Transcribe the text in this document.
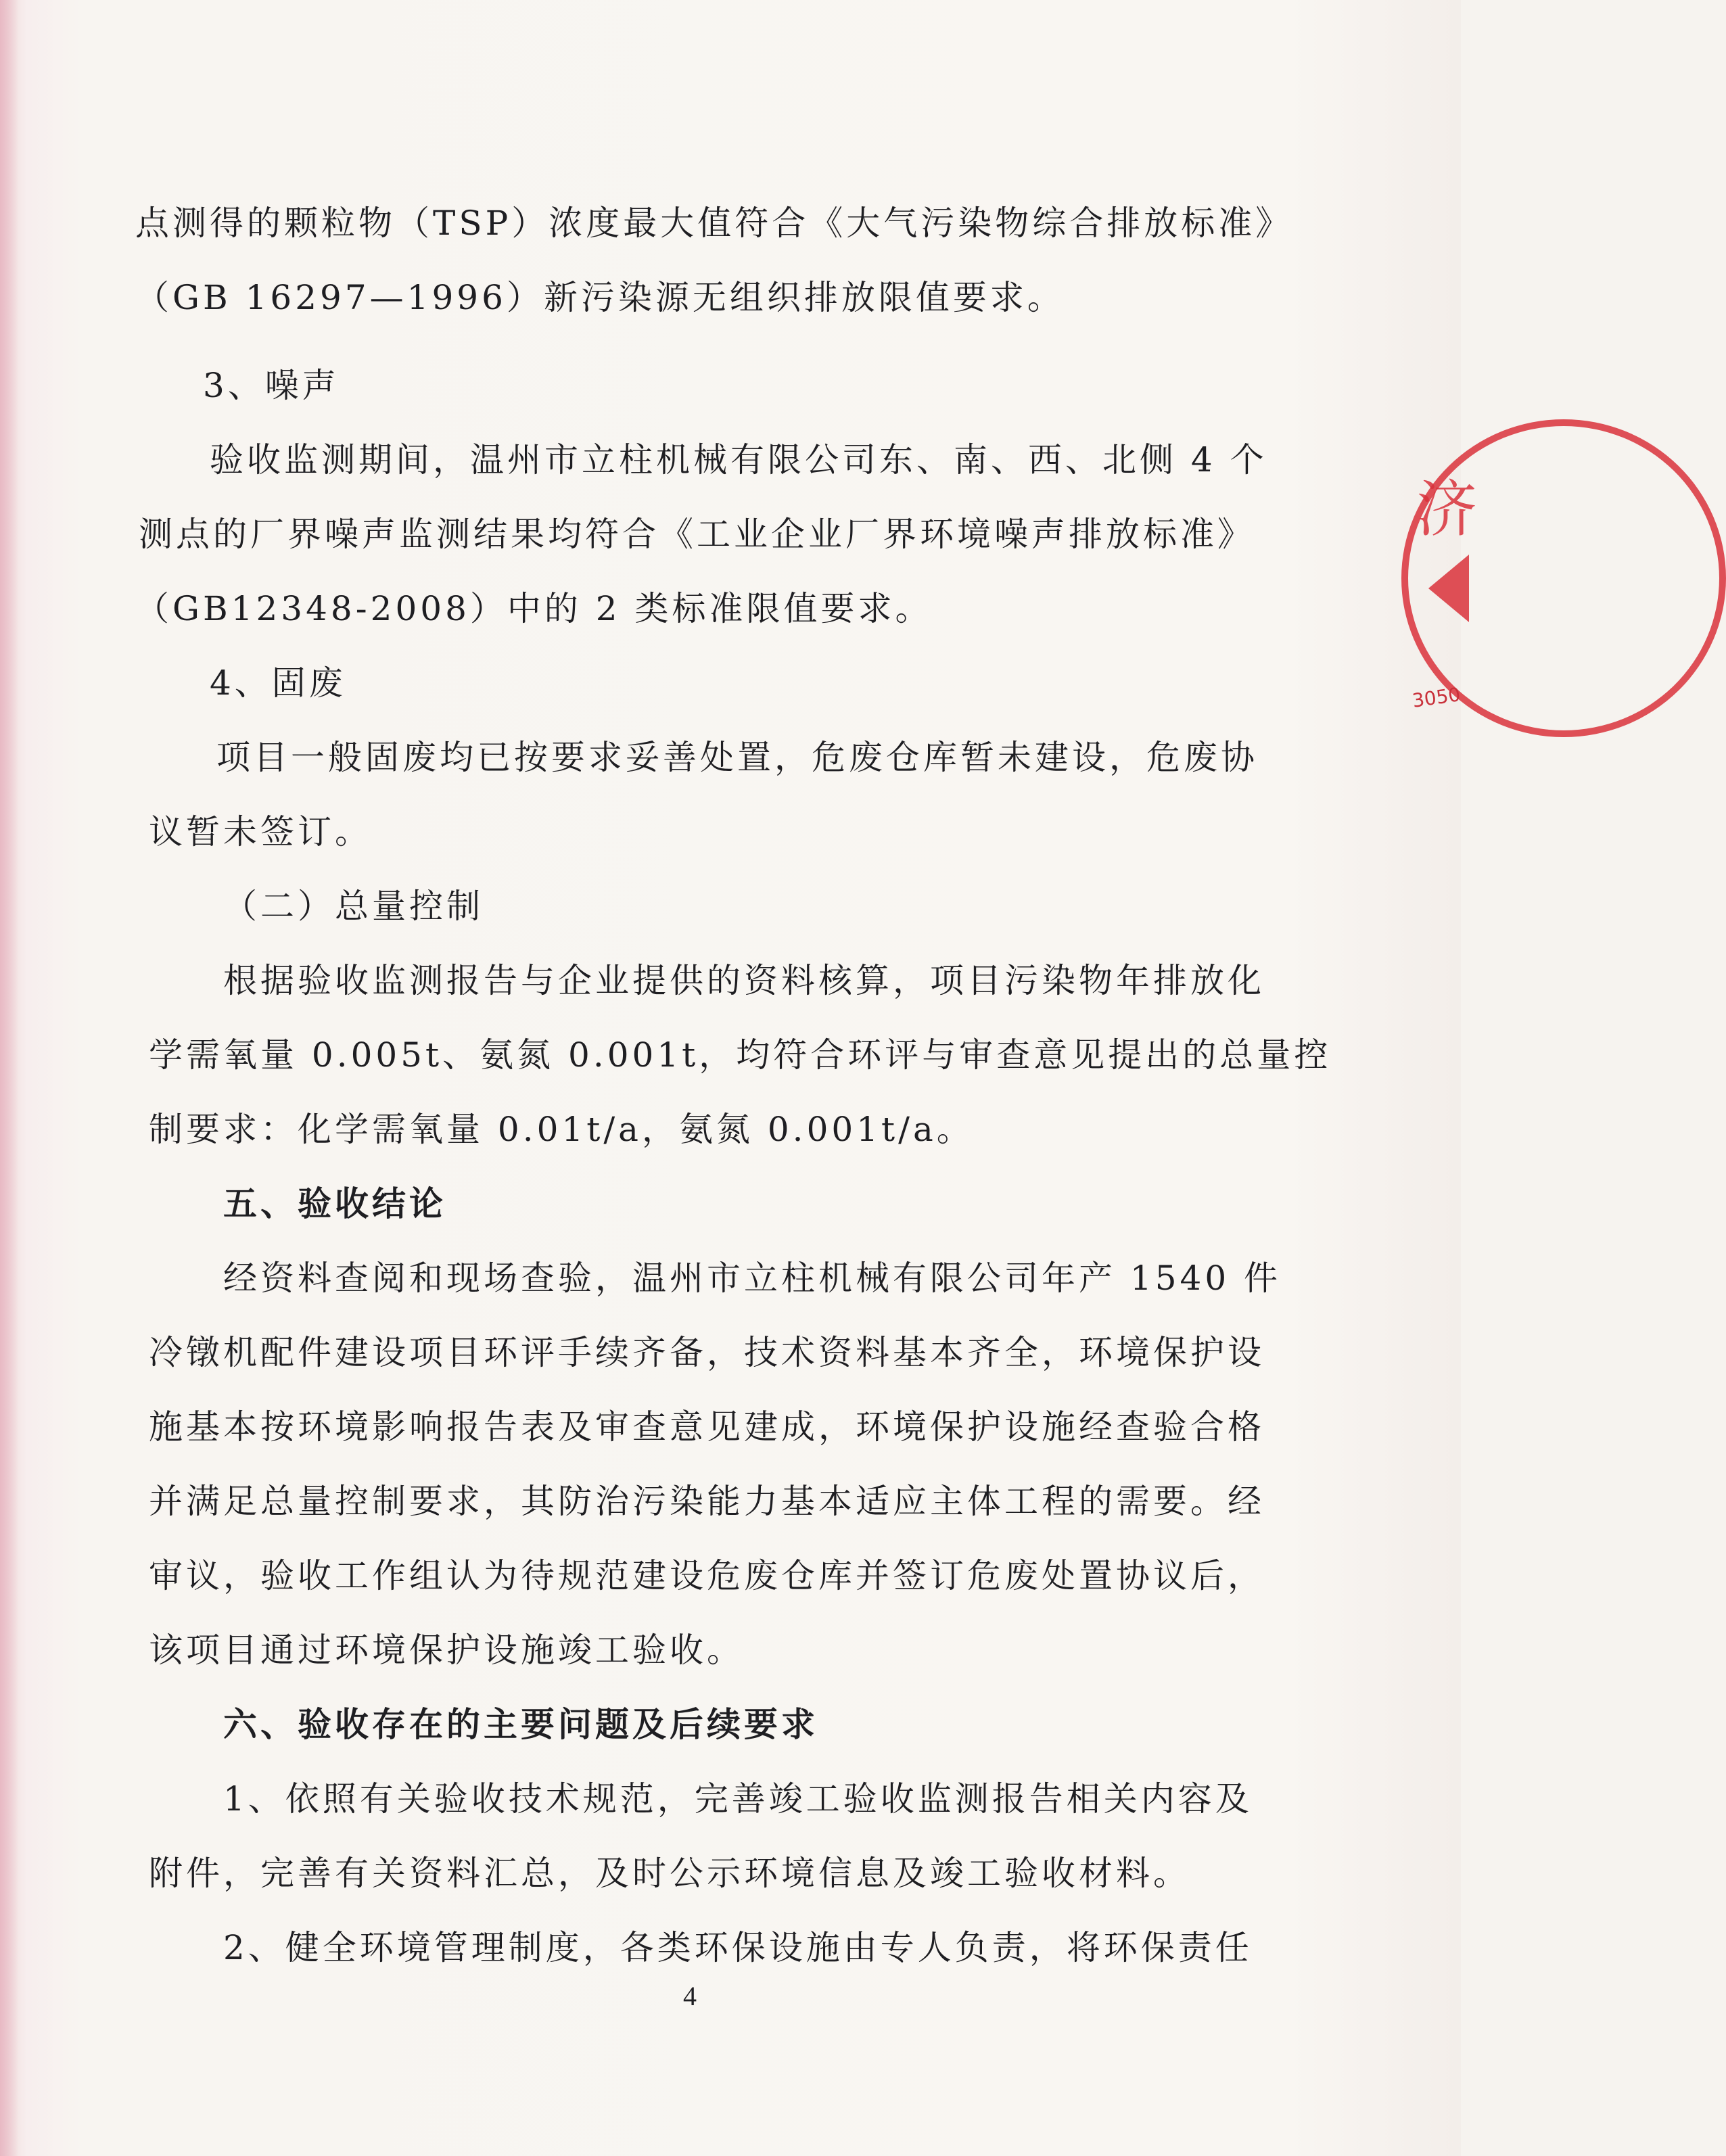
点测得的颗粒物（TSP）浓度最大值符合《大气污染物综合排放标准》
（GB 16297—1996）新污染源无组织排放限值要求。
3、噪声
验收监测期间，温州市立柱机械有限公司东、南、西、北侧 4 个
测点的厂界噪声监测结果均符合《工业企业厂界环境噪声排放标准》
（GB12348-2008）中的 2 类标准限值要求。
4、固废
项目一般固废均已按要求妥善处置，危废仓库暂未建设，危废协
议暂未签订。
（二）总量控制
根据验收监测报告与企业提供的资料核算，项目污染物年排放化
学需氧量 0.005t、氨氮 0.001t，均符合环评与审查意见提出的总量控
制要求：化学需氧量 0.01t/a，氨氮 0.001t/a。
五、验收结论
经资料查阅和现场查验，温州市立柱机械有限公司年产 1540 件
冷镦机配件建设项目环评手续齐备，技术资料基本齐全，环境保护设
施基本按环境影响报告表及审查意见建成，环境保护设施经查验合格
并满足总量控制要求，其防治污染能力基本适应主体工程的需要。经
审议，验收工作组认为待规范建设危废仓库并签订危废处置协议后，
该项目通过环境保护设施竣工验收。
六、验收存在的主要问题及后续要求
1、依照有关验收技术规范，完善竣工验收监测报告相关内容及
附件，完善有关资料汇总，及时公示环境信息及竣工验收材料。
2、健全环境管理制度，各类环保设施由专人负责，将环保责任
4
济
3050
